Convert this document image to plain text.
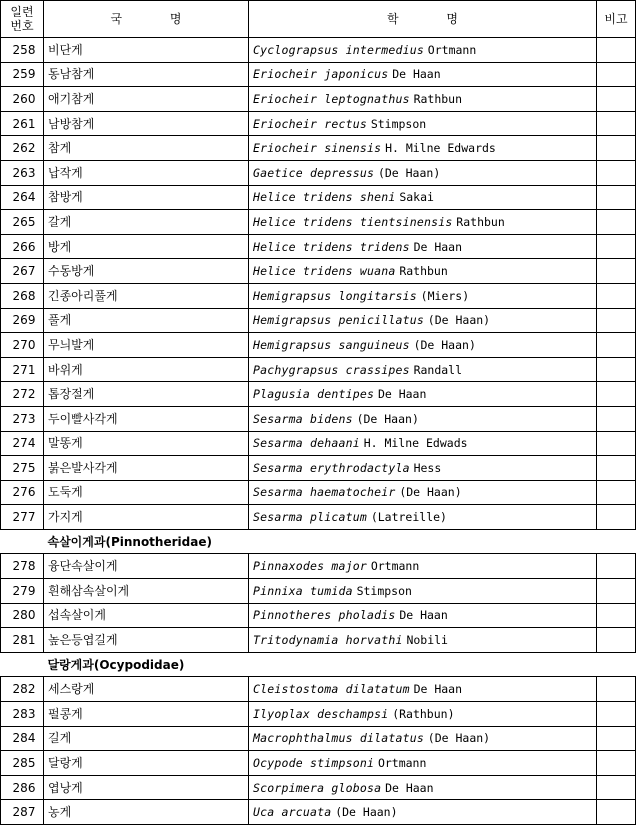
일련
번호	국 명	학 명	비고
258	비단게	Cyclograpsus intermedius Ortmann	
259	동남참게	Eriocheir japonicus De Haan	
260	애기참게	Eriocheir leptognathus Rathbun	
261	남방참게	Eriocheir rectus Stimpson	
262	참게	Eriocheir sinensis H. Milne Edwards	
263	납작게	Gaetice depressus (De Haan)	
264	참방게	Helice tridens sheni Sakai	
265	갈게	Helice tridens tientsinensis Rathbun	
266	방게	Helice tridens tridens De Haan	
267	수동방게	Helice tridens wuana Rathbun	
268	긴종아리풀게	Hemigrapsus longitarsis (Miers)	
269	풀게	Hemigrapsus penicillatus (De Haan)	
270	무늬발게	Hemigrapsus sanguineus (De Haan)	
271	바위게	Pachygrapsus crassipes Randall	
272	톱장절게	Plagusia dentipes De Haan	
273	두이빨사각게	Sesarma bidens (De Haan)	
274	말똥게	Sesarma dehaani H. Milne Edwads	
275	붉은발사각게	Sesarma erythrodactyla Hess	
276	도둑게	Sesarma haematocheir (De Haan)	
277	가지게	Sesarma plicatum (Latreille)	
속살이게과(Pinnotheridae)			
278	융단속살이게	Pinnaxodes major Ortmann	
279	흰해삼속살이게	Pinnixa tumida Stimpson	
280	섭속살이게	Pinnotheres pholadis De Haan	
281	높은등엽길게	Tritodynamia horvathi Nobili	
달랑게과(Ocypodidae)			
282	세스랑게	Cleistostoma dilatatum De Haan	
283	펄콩게	Ilyoplax deschampsi (Rathbun)	
284	길게	Macrophthalmus dilatatus (De Haan)	
285	달랑게	Ocypode stimpsoni Ortmann	
286	엽낭게	Scorpimera globosa De Haan	
287	농게	Uca arcuata (De Haan)	
